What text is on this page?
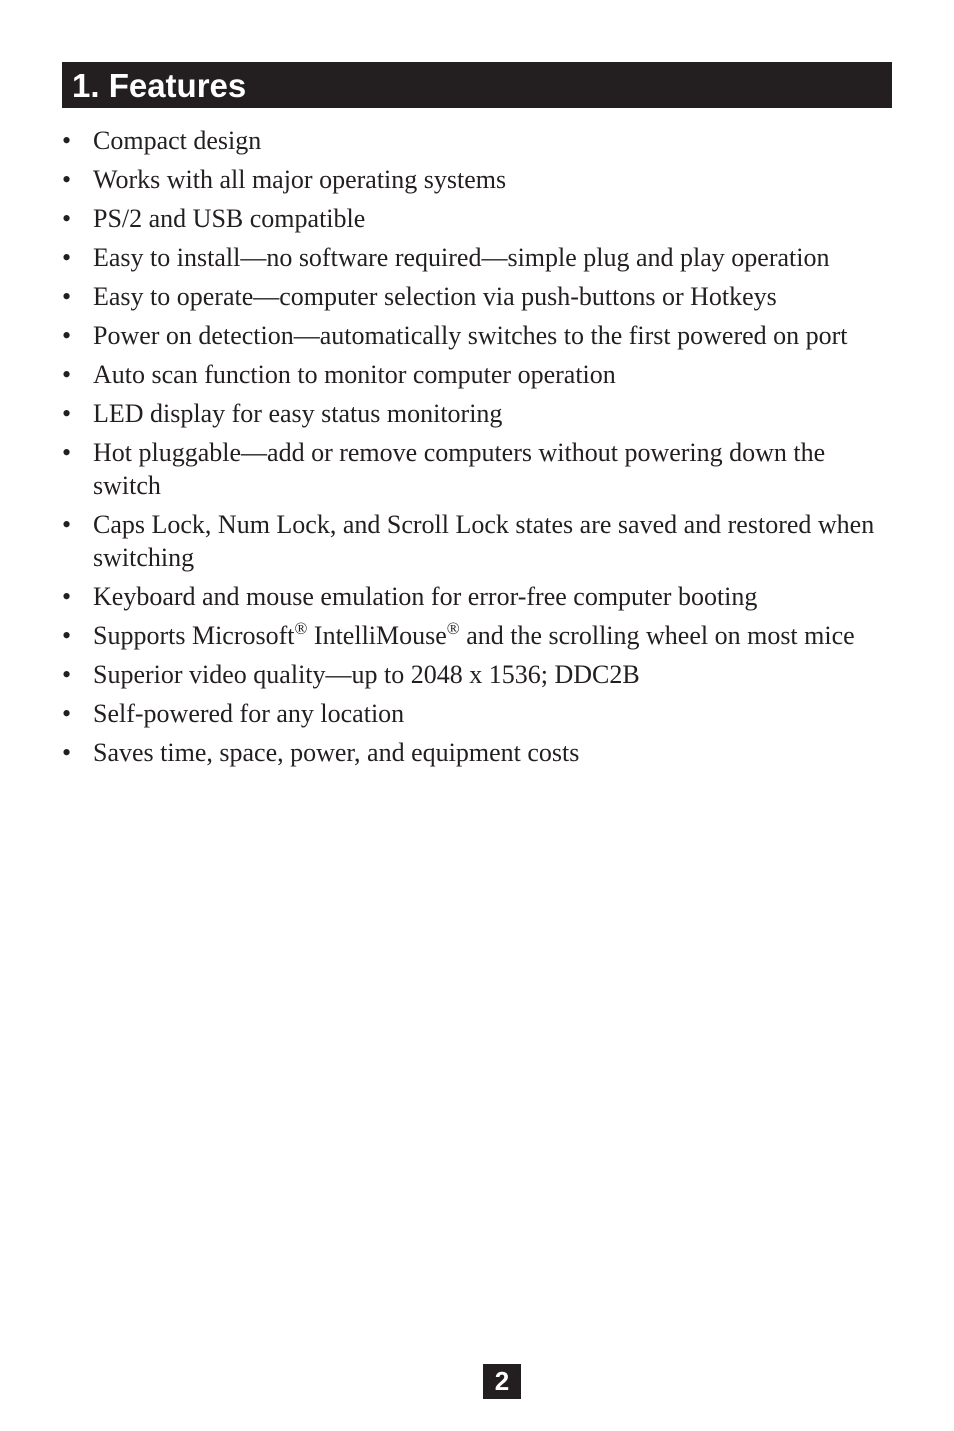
1. Features
• Compact design
• Works with all major operating systems
• PS/2 and USB compatible
• Easy to install—no software required—simple plug and play operation
• Easy to operate—computer selection via push-buttons or Hotkeys
• Power on detection—automatically switches to the first powered on port
• Auto scan function to monitor computer operation
• LED display for easy status monitoring
• Hot pluggable—add or remove computers without powering down the switch
• Caps Lock, Num Lock, and Scroll Lock states are saved and restored when switching
• Keyboard and mouse emulation for error-free computer booting
• Supports Microsoft® IntelliMouse® and the scrolling wheel on most mice
• Superior video quality—up to 2048 x 1536; DDC2B
• Self-powered for any location
• Saves time, space, power, and equipment costs
2
